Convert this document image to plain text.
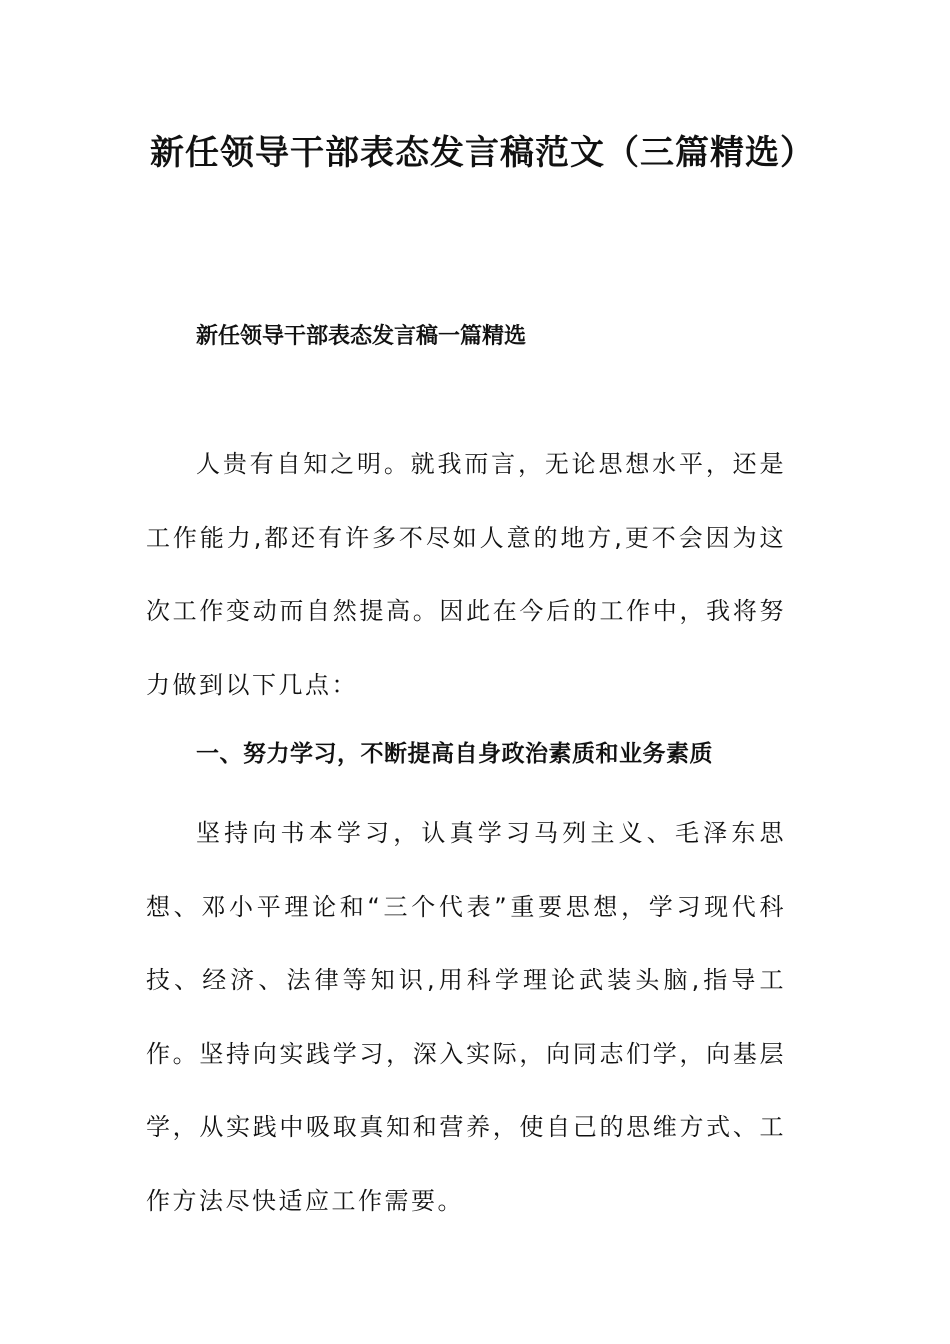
新任领导干部表态发言稿范文（三篇精选）
新任领导干部表态发言稿一篇精选

人贵有自知之明。就我而言，无论思想水平，还是工作能力,都还有许多不尽如人意的地方,更不会因为这次工作变动而自然提高。因此在今后的工作中，我将努力做到以下几点：

一、努力学习，不断提高自身政治素质和业务素质

坚持向书本学习，认真学习马列主义、毛泽东思想、邓小平理论和“三个代表”重要思想，学习现代科技、经济、法律等知识,用科学理论武装头脑,指导工作。坚持向实践学习，深入实际，向同志们学，向基层学，从实践中吸取真知和营养，使自己的思维方式、工作方法尽快适应工作需要。
